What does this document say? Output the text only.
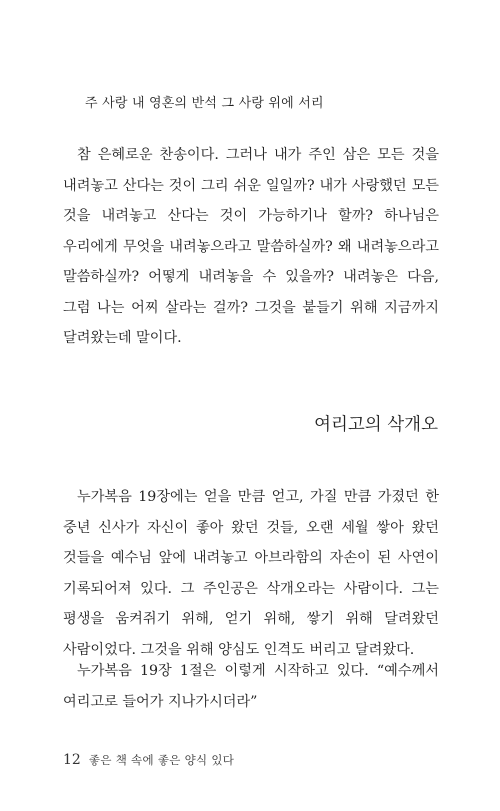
주 사랑 내 영혼의 반석 그 사랑 위에 서리

참 은혜로운 찬송이다. 그러나 내가 주인 삼은 모든 것을 내려놓고 산다는 것이 그리 쉬운 일일까? 내가 사랑했던 모든 것을 내려놓고 산다는 것이 가능하기나 할까? 하나님은 우리에게 무엇을 내려놓으라고 말씀하실까? 왜 내려놓으라고 말씀하실까? 어떻게 내려놓을 수 있을까? 내려놓은 다음, 그럼 나는 어찌 살라는 걸까? 그것을 붙들기 위해 지금까지 달려왔는데 말이다.

여리고의 삭개오

누가복음 19장에는 얻을 만큼 얻고, 가질 만큼 가졌던 한 중년 신사가 자신이 좋아 왔던 것들, 오랜 세월 쌓아 왔던 것들을 예수님 앞에 내려놓고 아브라함의 자손이 된 사연이 기록되어져 있다. 그 주인공은 삭개오라는 사람이다. 그는 평생을 움켜쥐기 위해, 얻기 위해, 쌓기 위해 달려왔던 사람이었다. 그것을 위해 양심도 인격도 버리고 달려왔다.

누가복음 19장 1절은 이렇게 시작하고 있다. “예수께서 여리고로 들어가 지나가시더라”

12 좋은 책 속에 좋은 양식 있다
